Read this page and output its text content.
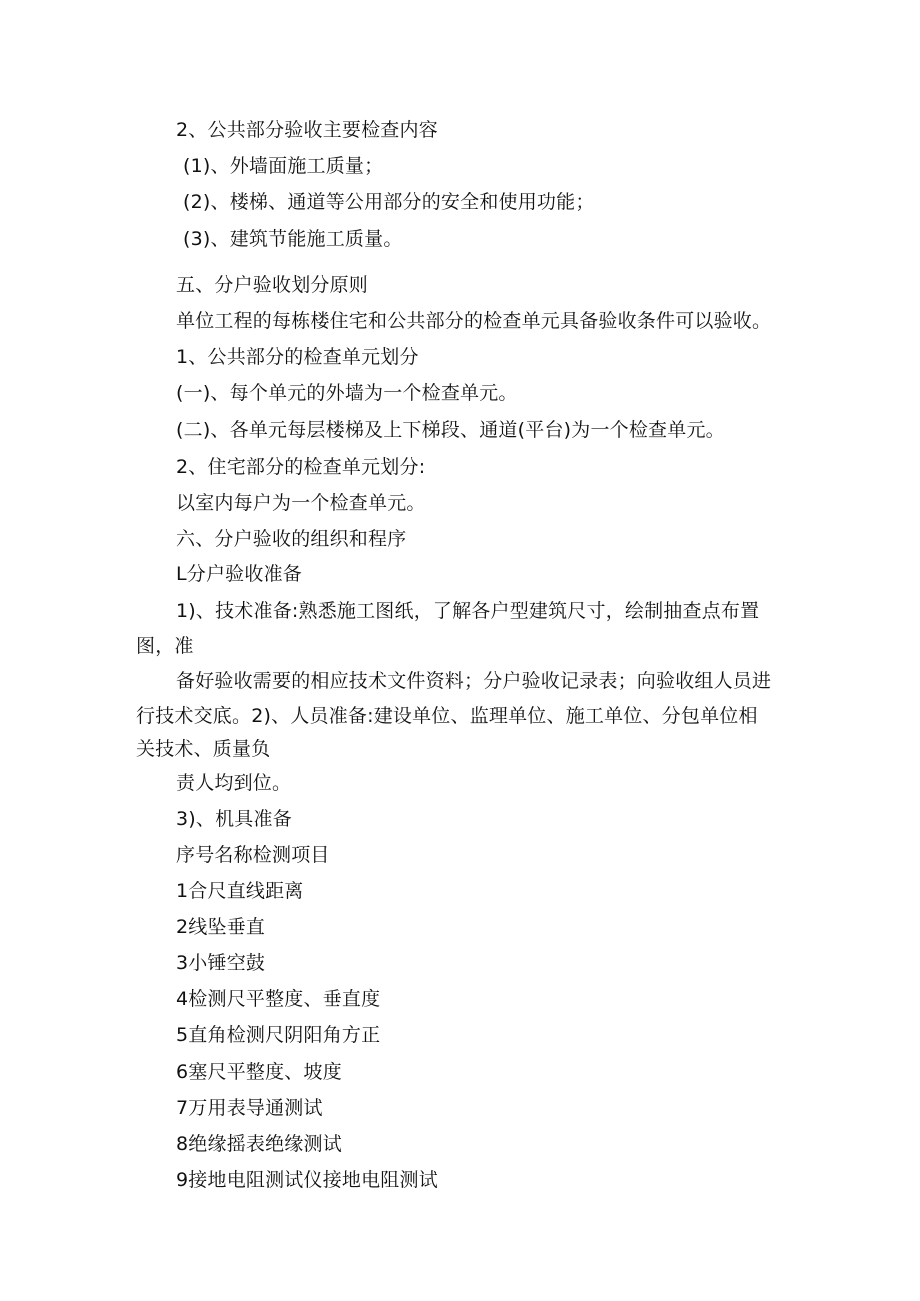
2、公共部分验收主要检查内容
(1)、外墙面施工质量；
(2)、楼梯、通道等公用部分的安全和使用功能；
(3)、建筑节能施工质量。
五、分户验收划分原则
单位工程的每栋楼住宅和公共部分的检查单元具备验收条件可以验收。
1、公共部分的检查单元划分
(一)、每个单元的外墙为一个检查单元。
(二)、各单元每层楼梯及上下梯段、通道(平台)为一个检查单元。
2、住宅部分的检查单元划分:
以室内每户为一个检查单元。
六、分户验收的组织和程序
L分户验收准备
1)、技术准备:熟悉施工图纸，了解各户型建筑尺寸，绘制抽查点布置
图，准
备好验收需要的相应技术文件资料；分户验收记录表；向验收组人员进
行技术交底。2)、人员准备:建设单位、监理单位、施工单位、分包单位相
关技术、质量负
责人均到位。
3)、机具准备
序号名称检测项目
1合尺直线距离
2线坠垂直
3小锤空鼓
4检测尺平整度、垂直度
5直角检测尺阴阳角方正
6塞尺平整度、坡度
7万用表导通测试
8绝缘摇表绝缘测试
9接地电阻测试仪接地电阻测试
